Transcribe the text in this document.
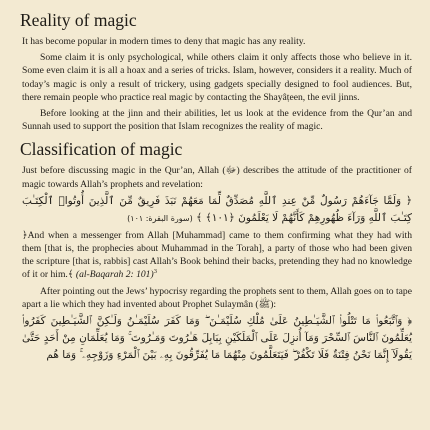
Reality of magic

It has become popular in modern times to deny that magic has any reality.

Some claim it is only psychological, while others claim it only affects those who believe in it. Some even claim it is all a hoax and a series of tricks. Islam, however, considers it a reality. Much of today’s magic is only a result of trickery, using gadgets specially designed to fool audiences. But, there remain people who practice real magic by contacting the Shayâṭeen, the evil jinns.

Before looking at the jinn and their abilities, let us look at the evidence from the Qur’an and Sunnah used to support the position that Islam recognizes the reality of magic.

Classification of magic

Just before discussing magic in the Qur’an, Allah (ﷻ) describes the attitude of the practitioner of magic towards Allah’s prophets and revelation:

﴿ وَلَمَّا جَآءَهُمْ رَسُولٌ مِّنْ عِندِ ٱللَّهِ مُصَدِّقٌ لِّمَا مَعَهُمْ نَبَذَ فَرِيقٌ مِّنَ ٱلَّذِينَ أُوتُوا۟ ٱلْكِتَـٰبَ كِتَـٰبَ ٱللَّهِ وَرَآءَ ظُهُورِهِمْ كَأَنَّهُمْ لَا يَعْلَمُونَ ﴿١٠١﴾ ﴾ (سورة البقرة: ١٠١)

﴿And when a messenger from Allah [Muhammad] came to them confirming what they had with them [that is, the prophecies about Muhammad in the Torah], a party of those who had been given the scripture [that is, rabbis] cast Allah’s Book behind their backs, pretending they had no knowledge of it or him.﴾ (al-Baqarah 2: 101)$^3$

After pointing out the Jews’ hypocrisy regarding the prophets sent to them, Allah goes on to tape apart a lie which they had invented about Prophet Sulaymân (ﷺ):

﴿ وَٱتَّبَعُوا۟ مَا تَتْلُوا۟ ٱلشَّيَـٰطِينُ عَلَىٰ مُلْكِ سُلَيْمَـٰنَ ۖ وَمَا كَفَرَ سُلَيْمَـٰنُ وَلَـٰكِنَّ ٱلشَّيَـٰطِينَ كَفَرُوا۟ يُعَلِّمُونَ ٱلنَّاسَ ٱلسِّحْرَ وَمَآ أُنزِلَ عَلَى ٱلْمَلَكَيْنِ بِبَابِلَ هَـٰرُوتَ وَمَـٰرُوتَ ۚ وَمَا يُعَلِّمَانِ مِنْ أَحَدٍ حَتَّىٰ يَقُولَآ إِنَّمَا نَحْنُ فِتْنَةٌ فَلَا تَكْفُرْ ۖ فَيَتَعَلَّمُونَ مِنْهُمَا مَا يُفَرِّقُونَ بِهِۦ بَيْنَ ٱلْمَرْءِ وَزَوْجِهِۦ ۚ وَمَا هُم
